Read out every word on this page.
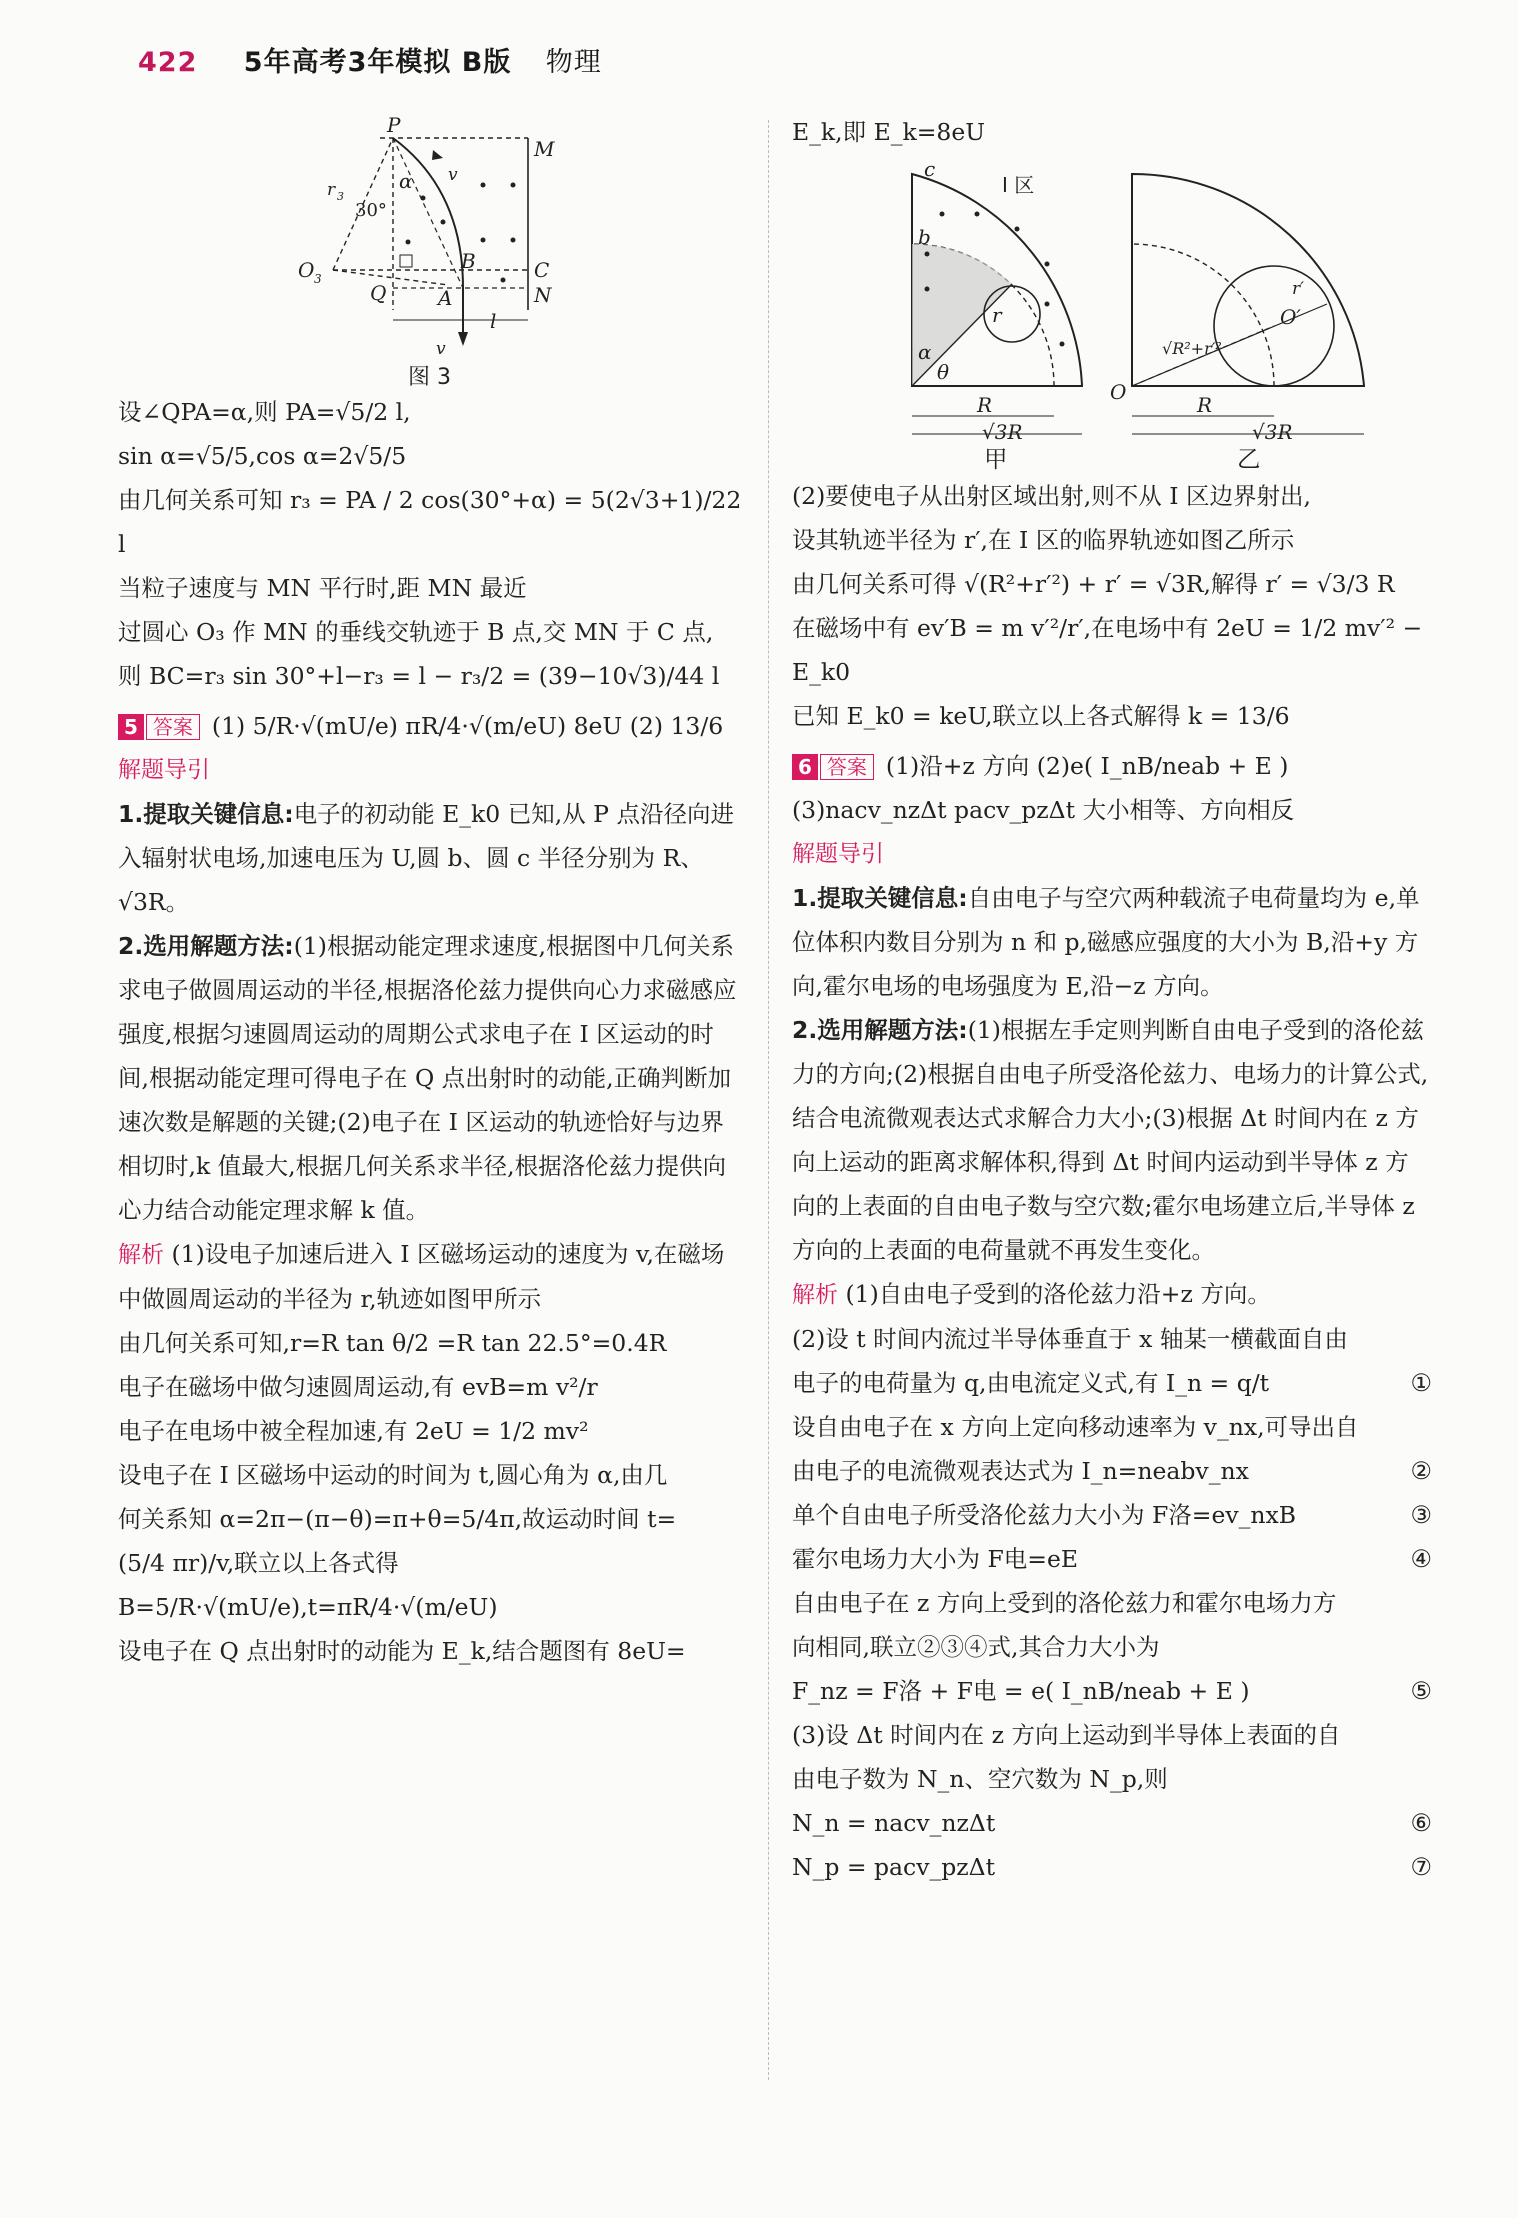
422 5年高考3年模拟 B版 物理
P
M
v
α
r 3
30°
O 3
B	C
Q	A	N
l
v
图 3

设∠QPA=α,则 PA=√5/2 l,

sin α=√5/5,cos α=2√5/5

由几何关系可知 r₃ = PA / 2 cos(30°+α) = 5(2√3+1)/22 l

当粒子速度与 MN 平行时,距 MN 最近

过圆心 O₃ 作 MN 的垂线交轨迹于 B 点,交 MN 于 C 点,

则 BC=r₃ sin 30°+l−r₃ = l − r₃/2 = (39−10√3)/44 l

5 答案 (1) 5/R·√(mU/e) πR/4·√(m/eU) 8eU (2) 13/6

解题导引

1.提取关键信息:电子的初动能 E_k0 已知,从 P 点沿径向进入辐射状电场,加速电压为 U,圆 b、圆 c 半径分别为 R、√3R。

2.选用解题方法:(1)根据动能定理求速度,根据图中几何关系求电子做圆周运动的半径,根据洛伦兹力提供向心力求磁感应强度,根据匀速圆周运动的周期公式求电子在 Ⅰ 区运动的时间,根据动能定理可得电子在 Q 点出射时的动能,正确判断加速次数是解题的关键;(2)电子在 Ⅰ 区运动的轨迹恰好与边界相切时,k 值最大,根据几何关系求半径,根据洛伦兹力提供向心力结合动能定理求解 k 值。

解析 (1)设电子加速后进入 Ⅰ 区磁场运动的速度为 v,在磁场中做圆周运动的半径为 r,轨迹如图甲所示

由几何关系可知,r=R tan θ/2 =R tan 22.5°=0.4R

电子在磁场中做匀速圆周运动,有 evB=m v²/r

电子在电场中被全程加速,有 2eU = 1/2 mv²

设电子在 Ⅰ 区磁场中运动的时间为 t,圆心角为 α,由几

何关系知 α=2π−(π−θ)=π+θ=5/4π,故运动时间 t=

(5/4 πr)/v,联立以上各式得 B=5/R·√(mU/e),t=πR/4·√(m/eU)

设电子在 Q 点出射时的动能为 E_k,结合题图有 8eU=

E_k,即 E_k=8eU

Ⅰ 区
c
b
α
θ
r
R
√3R
O
O′
r′
√R²+r′²
R
√3R

甲	乙

(2)要使电子从出射区域出射,则不从 Ⅰ 区边界射出,

设其轨迹半径为 r′,在 Ⅰ 区的临界轨迹如图乙所示

由几何关系可得 √(R²+r′²) + r′ = √3R,解得 r′ = √3/3 R

在磁场中有 ev′B = m v′²/r′,在电场中有 2eU = 1/2 mv′² − E_k0

已知 E_k0 = keU,联立以上各式解得 k = 13/6

6 答案 (1)沿+z 方向 (2)e( I_nB/neab + E )

(3)nacv_nzΔt pacv_pzΔt 大小相等、方向相反

解题导引

1.提取关键信息:自由电子与空穴两种载流子电荷量均为 e,单位体积内数目分别为 n 和 p,磁感应强度的大小为 B,沿+y 方向,霍尔电场的电场强度为 E,沿−z 方向。

2.选用解题方法:(1)根据左手定则判断自由电子受到的洛伦兹力的方向;(2)根据自由电子所受洛伦兹力、电场力的计算公式,结合电流微观表达式求解合力大小;(3)根据 Δt 时间内在 z 方向上运动的距离求解体积,得到 Δt 时间内运动到半导体 z 方向的上表面的自由电子数与空穴数;霍尔电场建立后,半导体 z 方向的上表面的电荷量就不再发生变化。

解析 (1)自由电子受到的洛伦兹力沿+z 方向。

(2)设 t 时间内流过半导体垂直于 x 轴某一横截面自由

电子的电荷量为 q,由电流定义式,有 I_n = q/t	①

设自由电子在 x 方向上定向移动速率为 v_nx,可导出自

由电子的电流微观表达式为 I_n=neabv_nx	②

单个自由电子所受洛伦兹力大小为 F洛=ev_nxB	③

霍尔电场力大小为 F电=eE	④

自由电子在 z 方向上受到的洛伦兹力和霍尔电场力方

向相同,联立②③④式,其合力大小为

F_nz = F洛 + F电 = e( I_nB/neab + E )	⑤

(3)设 Δt 时间内在 z 方向上运动到半导体上表面的自

由电子数为 N_n、空穴数为 N_p,则

N_n = nacv_nzΔt	⑥

N_p = pacv_pzΔt	⑦
